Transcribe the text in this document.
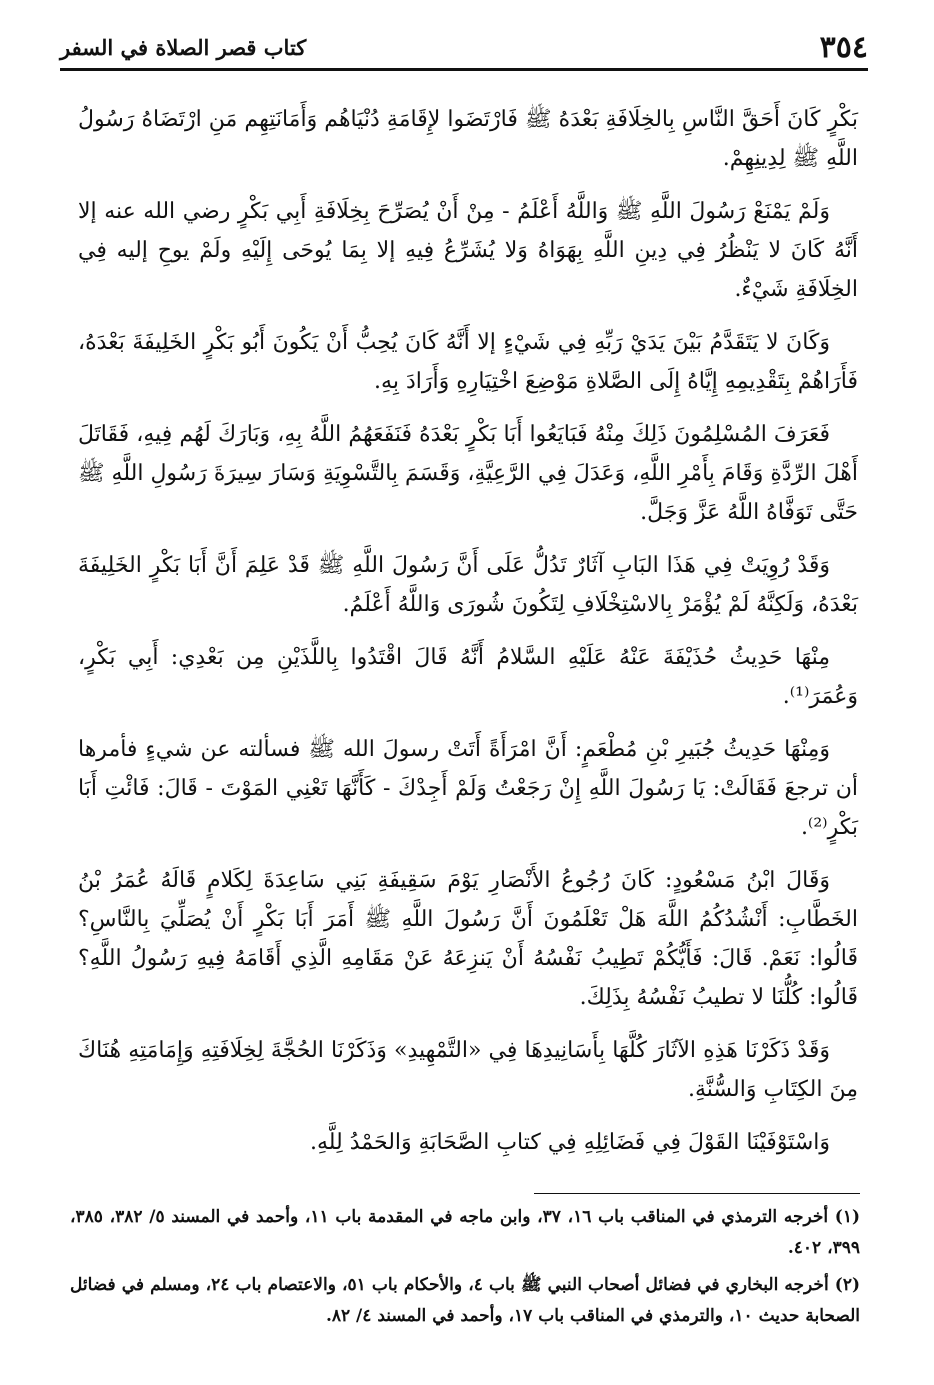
٣٥٤
كتاب قصر الصلاة في السفر

بَكْرٍ كَانَ أَحَقَّ النَّاسِ بِالخِلَافَةِ بَعْدَهُ ﷺ فَارْتَضَوا لإِقَامَةِ دُنْيَاهُم وَأَمَانَتِهِم مَنِ ارْتَضَاهُ رَسُولُ اللَّهِ ﷺ لِدِينِهِمْ.

وَلَمْ يَمْنَعْ رَسُولَ اللَّهِ ﷺ وَاللَّهُ أَعْلَمُ - مِنْ أَنْ يُصَرِّحَ بِخِلَافَةِ أَبِي بَكْرٍ رضي الله عنه إلا أَنَّهُ كَانَ لا يَنْظُرُ فِي دِينِ اللَّهِ بِهَوَاهُ وَلا يُشَرِّعُ فِيهِ إلا بِمَا يُوحَى إِلَيْهِ ولَمْ يوحِ إليه فِي الخِلَافَةِ شَيْءٌ.

وَكَانَ لا يَتَقَدَّمُ بَيْنَ يَدَيْ رَبِّهِ فِي شَيْءٍ إلا أَنَّهُ كَانَ يُحِبُّ أَنْ يَكُونَ أَبُو بَكْرٍ الخَلِيفَةَ بَعْدَهُ، فَأَرَاهُمْ بِتَقْدِيمِهِ إِيَّاهُ إِلَى الصَّلاةِ مَوْضِعَ اخْتِيَارِهِ وَأَرَادَ بِهِ.

فَعَرَفَ المُسْلِمُونَ ذَلِكَ مِنْهُ فَبَايَعُوا أَبَا بَكْرٍ بَعْدَهُ فَنَفَعَهُمُ اللَّهُ بِهِ، وَبَارَكَ لَهُم فِيهِ، فَقَاتَلَ أَهْلَ الرِّدَّةِ وَقَامَ بِأَمْرِ اللَّهِ، وَعَدَلَ فِي الرَّعِيَّةِ، وَقَسَمَ بِالتَّسْوِيَةِ وَسَارَ سِيرَةَ رَسُولِ اللَّهِ ﷺ حَتَّى تَوَفَّاهُ اللَّهُ عَزَّ وَجَلَّ.

وَقَدْ رُوِيَتْ فِي هَذَا البَابِ آثَارٌ تَدُلُّ عَلَى أَنَّ رَسُولَ اللَّهِ ﷺ قَدْ عَلِمَ أَنَّ أَبَا بَكْرٍ الخَلِيفَةَ بَعْدَهُ، وَلَكِنَّهُ لَمْ يُؤْمَرْ بِالاسْتِخْلَافِ لِتَكُونَ شُورَى وَاللَّهُ أَعْلَمُ.

مِنْهَا حَدِيثُ حُذَيْفَةَ عَنْهُ عَلَيْهِ السَّلامُ أَنَّهُ قَالَ اقْتَدُوا بِاللَّذَيْنِ مِن بَعْدِي: أَبِي بَكْرٍ، وَعُمَرَ⁽¹⁾.

وَمِنْهَا حَدِيثُ جُبَيرِ بْنِ مُطْعَمٍ: أَنَّ امْرَأَةً أَتَتْ رسولَ الله ﷺ فسألته عن شيءٍ فأمرها أن ترجعَ فَقَالَتْ: يَا رَسُولَ اللَّهِ إِنْ رَجَعْتُ وَلَمْ أَجِدْكَ - كَأَنَّهَا تَعْنِي المَوْتَ - قَالَ: فَائْتِ أَبَا بَكْرٍ⁽²⁾.

وَقَالَ ابْنُ مَسْعُودٍ: كَانَ رُجُوعُ الأَنْصَارِ يَوْمَ سَقِيفَةِ بَنِي سَاعِدَةَ لِكَلامٍ قَالَهُ عُمَرُ بْنُ الخَطَّابِ: أَنْشُدُكُمُ اللَّهَ هَلْ تَعْلَمُونَ أَنَّ رَسُولَ اللَّهِ ﷺ أَمَرَ أَبَا بَكْرٍ أَنْ يُصَلِّيَ بِالنَّاسِ؟ قَالُوا: نَعَمْ. قَالَ: فَأَيُّكُمْ تَطِيبُ نَفْسُهُ أَنْ يَنزِعَهُ عَنْ مَقَامِهِ الَّذِي أَقَامَهُ فِيهِ رَسُولُ اللَّهِ؟ قَالُوا: كُلُّنَا لا تطيبُ نَفْسُهُ بِذَلِكَ.

وَقَدْ ذَكَرْنَا هَذِهِ الآثَارَ كُلَّهَا بِأَسَانِيدِهَا فِي «التَّمْهِيدِ» وَذَكَرْنَا الحُجَّةَ لِخِلَافَتِهِ وَإِمَامَتِهِ هُنَاكَ مِنَ الكِتَابِ وَالسُّنَّةِ.

وَاسْتَوْفَيْنَا القَوْلَ فِي فَضَائِلِهِ فِي كتابِ الصَّحَابَةِ وَالحَمْدُ لِلَّهِ.

(١) أخرجه الترمذي في المناقب باب ١٦، ٣٧، وابن ماجه في المقدمة باب ١١، وأحمد في المسند ٥/ ٣٨٢، ٣٨٥، ٣٩٩، ٤٠٢.

(٢) أخرجه البخاري في فضائل أصحاب النبي ﷺ باب ٤، والأحكام باب ٥١، والاعتصام باب ٢٤، ومسلم في فضائل الصحابة حديث ١٠، والترمذي في المناقب باب ١٧، وأحمد في المسند ٤/ ٨٢.
